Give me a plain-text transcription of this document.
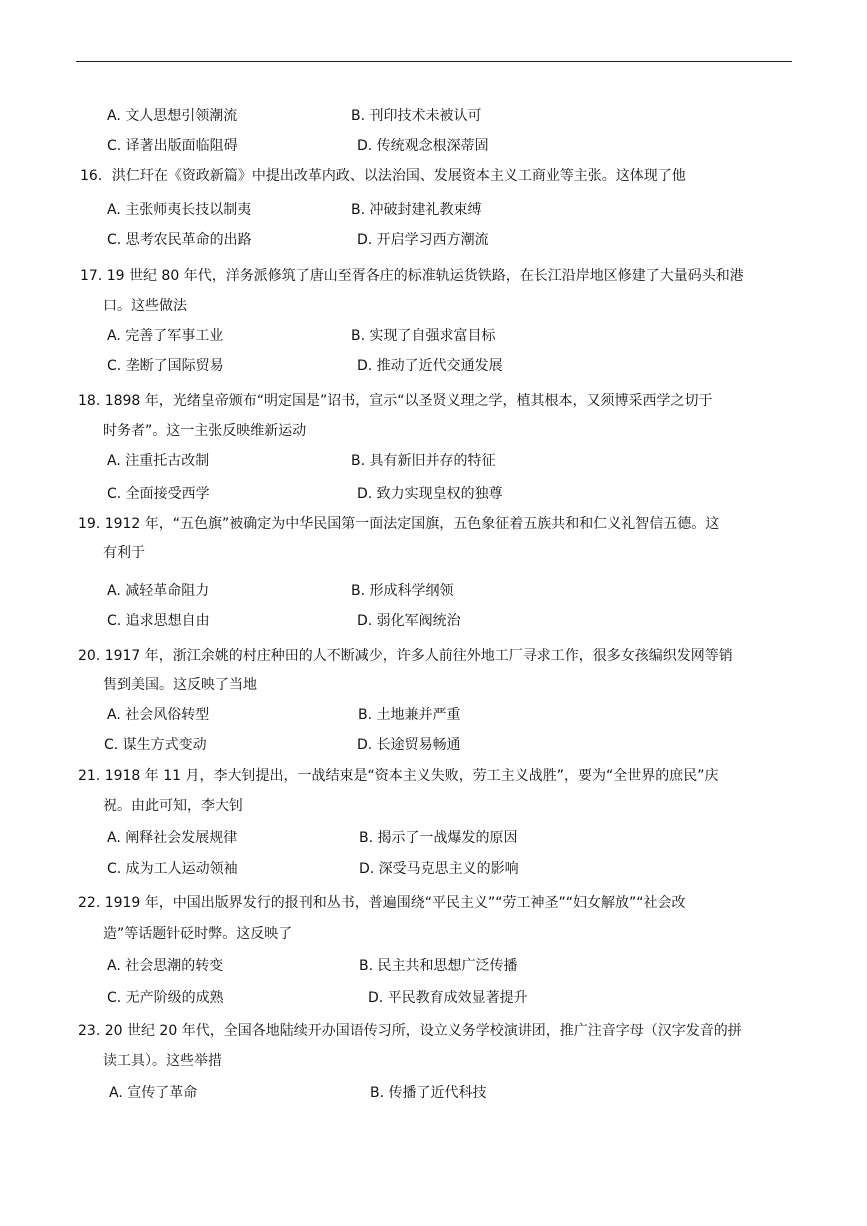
A. 文人思想引领潮流	B. 刊印技术未被认可
C. 译著出版面临阻碍	D. 传统观念根深蒂固
16．洪仁玕在《资政新篇》中提出改革内政、以法治国、发展资本主义工商业等主张。这体现了他
A. 主张师夷长技以制夷	B. 冲破封建礼教束缚
C. 思考农民革命的出路	D. 开启学习西方潮流
17. 19 世纪 80 年代，洋务派修筑了唐山至胥各庄的标准轨运货铁路，在长江沿岸地区修建了大量码头和港
口。这些做法
A. 完善了军事工业	B. 实现了自强求富目标
C. 垄断了国际贸易	D. 推动了近代交通发展
18. 1898 年，光绪皇帝颁布“明定国是”诏书，宣示“以圣贤义理之学，植其根本，又须博采西学之切于
时务者”。这一主张反映维新运动
A. 注重托古改制	B. 具有新旧并存的特征
C. 全面接受西学	D. 致力实现皇权的独尊
19. 1912 年，“五色旗”被确定为中华民国第一面法定国旗，五色象征着五族共和和仁义礼智信五德。这
有利于
A. 减轻革命阻力	B. 形成科学纲领
C. 追求思想自由	D. 弱化军阀统治
20. 1917 年，浙江余姚的村庄种田的人不断减少，许多人前往外地工厂寻求工作，很多女孩编织发网等销
售到美国。这反映了当地
A. 社会风俗转型	B. 土地兼并严重
C. 谋生方式变动	D. 长途贸易畅通
21. 1918 年 11 月，李大钊提出，一战结束是“资本主义失败，劳工主义战胜”，要为“全世界的庶民”庆
祝。由此可知，李大钊
A. 阐释社会发展规律	B. 揭示了一战爆发的原因
C. 成为工人运动领袖	D. 深受马克思主义的影响
22. 1919 年，中国出版界发行的报刊和丛书，普遍围绕“平民主义”“劳工神圣”“妇女解放”“社会改
造”等话题针砭时弊。这反映了
A. 社会思潮的转变	B. 民主共和思想广泛传播
C. 无产阶级的成熟	D. 平民教育成效显著提升
23. 20 世纪 20 年代，全国各地陆续开办国语传习所，设立义务学校演讲团，推广注音字母（汉字发音的拼
读工具）。这些举措
A. 宣传了革命	B. 传播了近代科技
